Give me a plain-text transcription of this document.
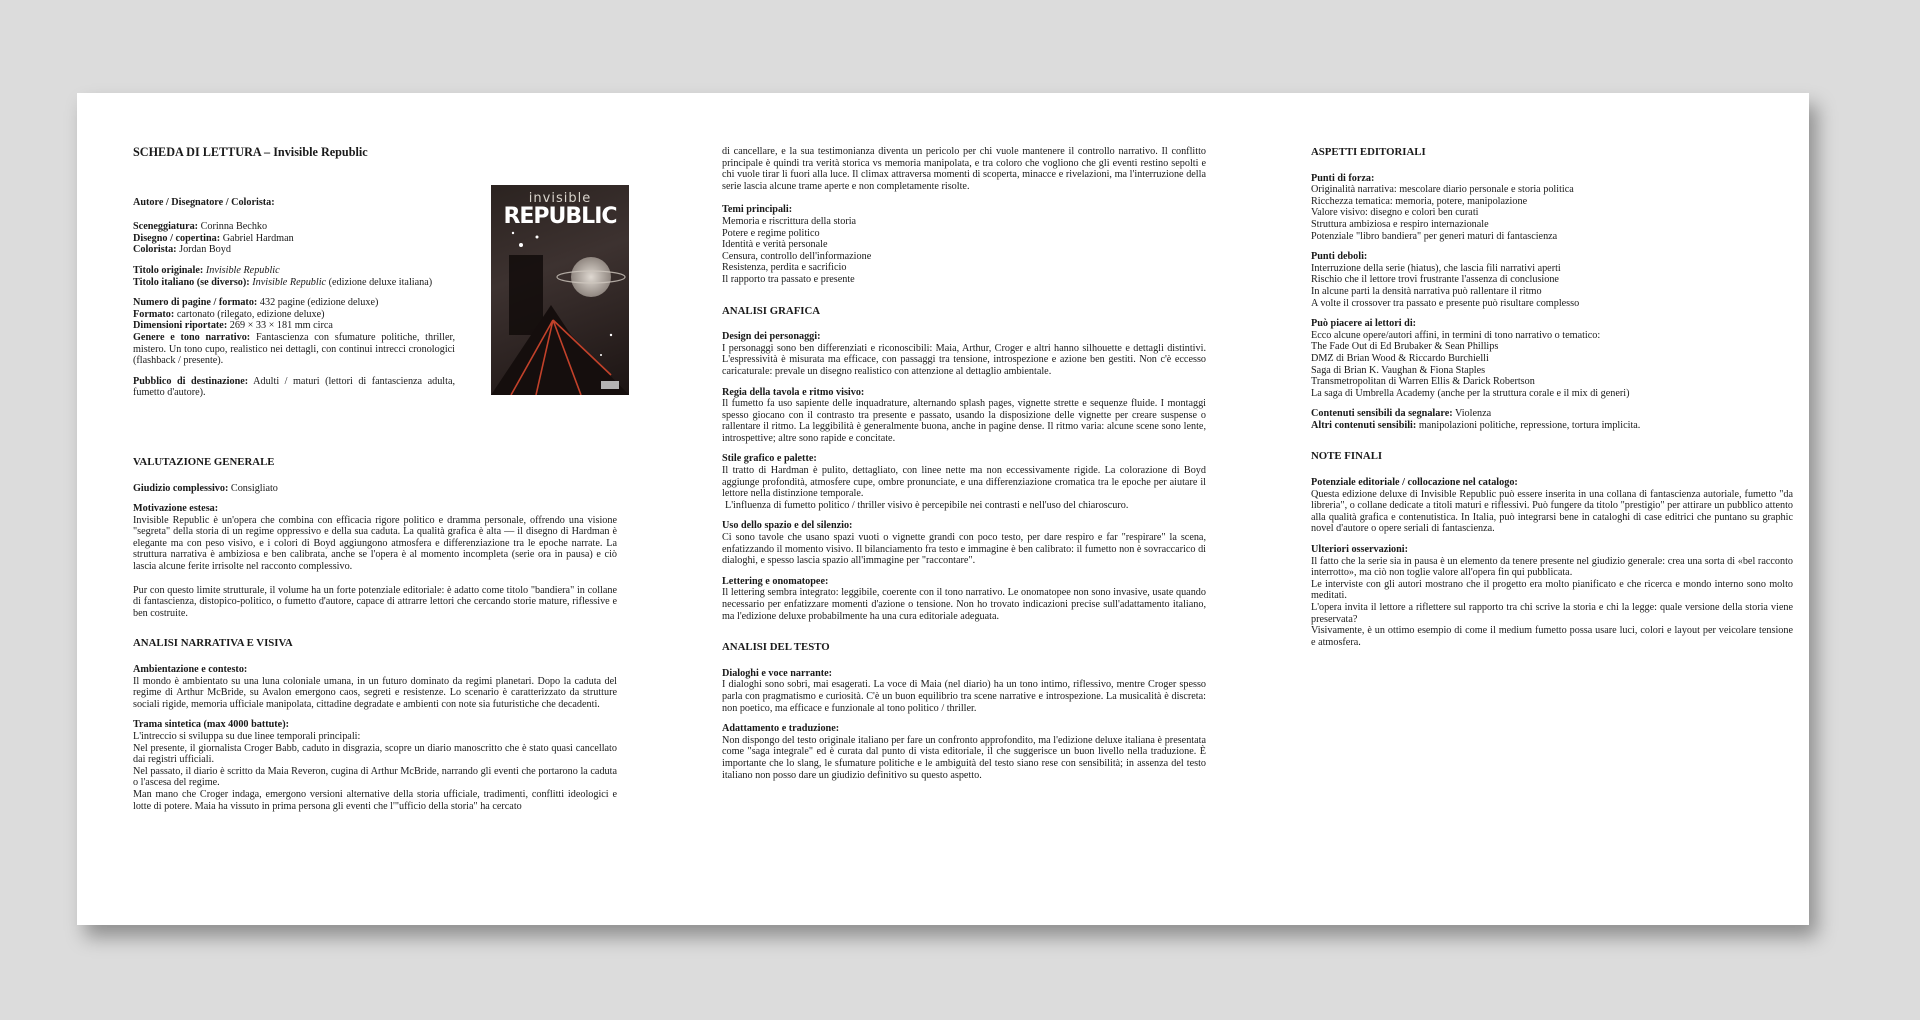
SCHEDA DI LETTURA – Invisible Republic

Autore / Disegnatore / Colorista:

Sceneggiatura: Corinna Bechko

Disegno / copertina: Gabriel Hardman

Colorista: Jordan Boyd

Titolo originale: Invisible Republic

Titolo italiano (se diverso): Invisible Republic (edizione deluxe italiana)

Numero di pagine / formato: 432 pagine (edizione deluxe)

Formato: cartonato (rilegato, edizione deluxe)

Dimensioni riportate: 269 × 33 × 181 mm circa

Genere e tono narrativo: Fantascienza con sfumature politiche, thriller, mistero. Un tono cupo, realistico nei dettagli, con continui intrecci cronologici (flashback / presente).

Pubblico di destinazione: Adulti / maturi (lettori di fantascienza adulta, fumetto d'autore).

VALUTAZIONE GENERALE

Giudizio complessivo: Consigliato

Motivazione estesa:

Invisible Republic è un'opera che combina con efficacia rigore politico e dramma personale, offrendo una visione "segreta" della storia di un regime oppressivo e della sua caduta. La qualità grafica è alta — il disegno di Hardman è elegante ma con peso visivo, e i colori di Boyd aggiungono atmosfera e differenziazione tra le epoche narrate. La struttura narrativa è ambiziosa e ben calibrata, anche se l'opera è al momento incompleta (serie ora in pausa) e ciò lascia alcune ferite irrisolte nel racconto complessivo.

Pur con questo limite strutturale, il volume ha un forte potenziale editoriale: è adatto come titolo "bandiera" in collane di fantascienza, distopico-politico, o fumetto d'autore, capace di attrarre lettori che cercando storie mature, riflessive e ben costruite.

ANALISI NARRATIVA E VISIVA

Ambientazione e contesto:

Il mondo è ambientato su una luna coloniale umana, in un futuro dominato da regimi planetari. Dopo la caduta del regime di Arthur McBride, su Avalon emergono caos, segreti e resistenze. Lo scenario è caratterizzato da strutture sociali rigide, memoria ufficiale manipolata, cittadine degradate e ambienti con note sia futuristiche che decadenti.

Trama sintetica (max 4000 battute):

L'intreccio si sviluppa su due linee temporali principali:

Nel presente, il giornalista Croger Babb, caduto in disgrazia, scopre un diario manoscritto che è stato quasi cancellato dai registri ufficiali.

Nel passato, il diario è scritto da Maia Reveron, cugina di Arthur McBride, narrando gli eventi che portarono la caduta o l'ascesa del regime.

Man mano che Croger indaga, emergono versioni alternative della storia ufficiale, tradimenti, conflitti ideologici e lotte di potere. Maia ha vissuto in prima persona gli eventi che l'"ufficio della storia" ha cercato

invisible
REPUBLIC

di cancellare, e la sua testimonianza diventa un pericolo per chi vuole mantenere il controllo narrativo. Il conflitto principale è quindi tra verità storica vs memoria manipolata, e tra coloro che vogliono che gli eventi restino sepolti e chi vuole tirar li fuori alla luce. Il climax attraversa momenti di scoperta, minacce e rivelazioni, ma l'interruzione della serie lascia alcune trame aperte e non completamente risolte.

Temi principali:

Memoria e riscrittura della storia
Potere e regime politico
Identità e verità personale
Censura, controllo dell'informazione
Resistenza, perdita e sacrificio
Il rapporto tra passato e presente

ANALISI GRAFICA

Design dei personaggi:

I personaggi sono ben differenziati e riconoscibili: Maia, Arthur, Croger e altri hanno silhouette e dettagli distintivi. L'espressività è misurata ma efficace, con passaggi tra tensione, introspezione e azione ben gestiti. Non c'è eccesso caricaturale: prevale un disegno realistico con attenzione al dettaglio ambientale.

Regia della tavola e ritmo visivo:

Il fumetto fa uso sapiente delle inquadrature, alternando splash pages, vignette strette e sequenze fluide. I montaggi spesso giocano con il contrasto tra presente e passato, usando la disposizione delle vignette per creare suspense o rallentare il ritmo. La leggibilità è generalmente buona, anche in pagine dense. Il ritmo varia: alcune scene sono lente, introspettive; altre sono rapide e concitate.

Stile grafico e palette:

Il tratto di Hardman è pulito, dettagliato, con linee nette ma non eccessivamente rigide. La colorazione di Boyd aggiunge profondità, atmosfere cupe, ombre pronunciate, e una differenziazione cromatica tra le epoche per aiutare il lettore nella distinzione temporale.

L'influenza di fumetto politico / thriller visivo è percepibile nei contrasti e nell'uso del chiaroscuro.

Uso dello spazio e del silenzio:

Ci sono tavole che usano spazi vuoti o vignette grandi con poco testo, per dare respiro e far "respirare" la scena, enfatizzando il momento visivo. Il bilanciamento fra testo e immagine è ben calibrato: il fumetto non è sovraccarico di dialoghi, e spesso lascia spazio all'immagine per "raccontare".

Lettering e onomatopee:

Il lettering sembra integrato: leggibile, coerente con il tono narrativo. Le onomatopee non sono invasive, usate quando necessario per enfatizzare momenti d'azione o tensione. Non ho trovato indicazioni precise sull'adattamento italiano, ma l'edizione deluxe probabilmente ha una cura editoriale adeguata.

ANALISI DEL TESTO

Dialoghi e voce narrante:

I dialoghi sono sobri, mai esagerati. La voce di Maia (nel diario) ha un tono intimo, riflessivo, mentre Croger spesso parla con pragmatismo e curiosità. C'è un buon equilibrio tra scene narrative e introspezione. La musicalità è discreta: non poetico, ma efficace e funzionale al tono politico / thriller.

Adattamento e traduzione:

Non dispongo del testo originale italiano per fare un confronto approfondito, ma l'edizione deluxe italiana è presentata come "saga integrale" ed è curata dal punto di vista editoriale, il che suggerisce un buon livello nella traduzione. È importante che lo slang, le sfumature politiche e le ambiguità del testo siano rese con sensibilità; in assenza del testo italiano non posso dare un giudizio definitivo su questo aspetto.

ASPETTI EDITORIALI

Punti di forza:

Originalità narrativa: mescolare diario personale e storia politica
Ricchezza tematica: memoria, potere, manipolazione
Valore visivo: disegno e colori ben curati
Struttura ambiziosa e respiro internazionale
Potenziale "libro bandiera" per generi maturi di fantascienza

Punti deboli:

Interruzione della serie (hiatus), che lascia fili narrativi aperti
Rischio che il lettore trovi frustrante l'assenza di conclusione
In alcune parti la densità narrativa può rallentare il ritmo
A volte il crossover tra passato e presente può risultare complesso

Può piacere ai lettori di:

Ecco alcune opere/autori affini, in termini di tono narrativo o tematico:
The Fade Out di Ed Brubaker & Sean Phillips
DMZ di Brian Wood & Riccardo Burchielli
Saga di Brian K. Vaughan & Fiona Staples
Transmetropolitan di Warren Ellis & Darick Robertson
La saga di Umbrella Academy (anche per la struttura corale e il mix di generi)

Contenuti sensibili da segnalare: Violenza

Altri contenuti sensibili: manipolazioni politiche, repressione, tortura implicita.

NOTE FINALI

Potenziale editoriale / collocazione nel catalogo:

Questa edizione deluxe di Invisible Republic può essere inserita in una collana di fantascienza autoriale, fumetto "da libreria", o collane dedicate a titoli maturi e riflessivi. Può fungere da titolo "prestigio" per attirare un pubblico attento alla qualità grafica e contenutistica. In Italia, può integrarsi bene in cataloghi di case editrici che puntano su graphic novel d'autore o opere seriali di fantascienza.

Ulteriori osservazioni:

Il fatto che la serie sia in pausa è un elemento da tenere presente nel giudizio generale: crea una sorta di «bel racconto interrotto», ma ciò non toglie valore all'opera fin qui pubblicata.

Le interviste con gli autori mostrano che il progetto era molto pianificato e che ricerca e mondo interno sono molto meditati.

L'opera invita il lettore a riflettere sul rapporto tra chi scrive la storia e chi la legge: quale versione della storia viene preservata?

Visivamente, è un ottimo esempio di come il medium fumetto possa usare luci, colori e layout per veicolare tensione e atmosfera.
